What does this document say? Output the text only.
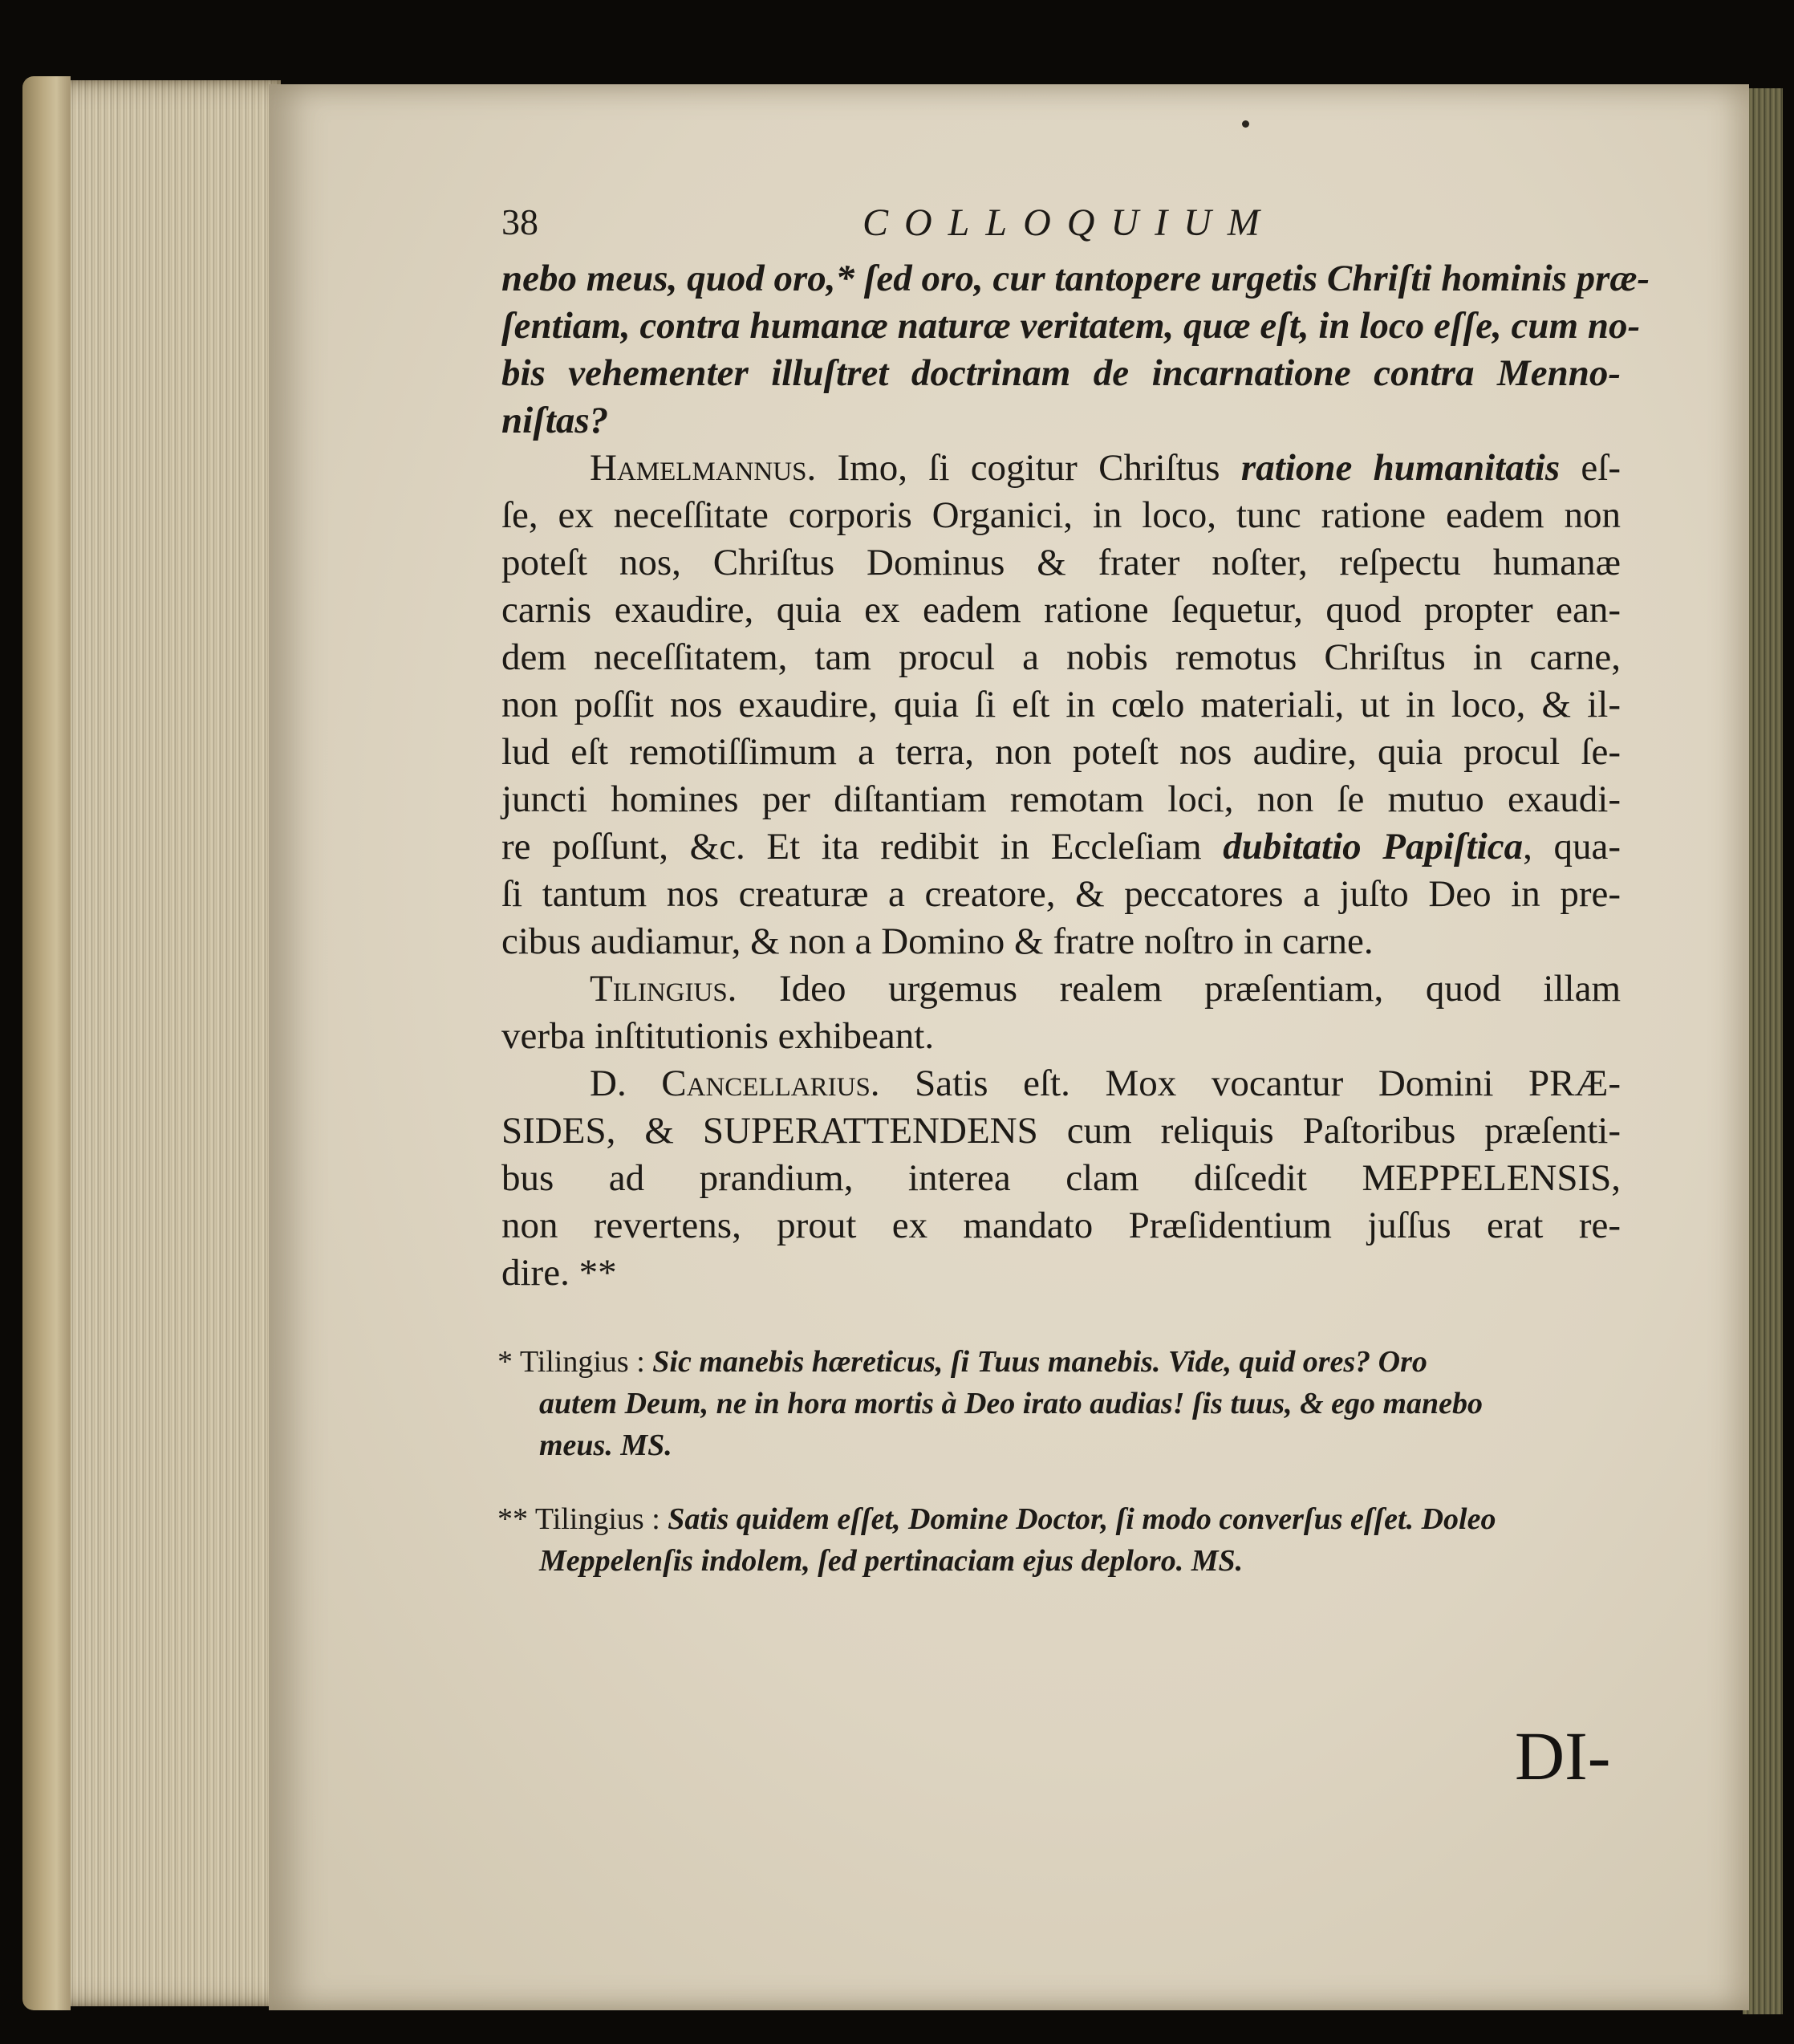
38	COLLOQUIUM
nebo meus, quod oro,* ſed oro, cur tantopere urgetis Chriſti hominis præ-
ſentiam, contra humanæ naturæ veritatem, quæ eſt, in loco eſſe, cum no-
bis vehementer illuſtret doctrinam de incarnatione contra Menno-
niſtas?
Hamelmannus. Imo, ſi cogitur Chriſtus ratione humanitatis eſ-
ſe, ex neceſſitate corporis Organici, in loco, tunc ratione eadem non
poteſt nos, Chriſtus Dominus & frater noſter, reſpectu humanæ
carnis exaudire, quia ex eadem ratione ſequetur, quod propter ean-
dem neceſſitatem, tam procul a nobis remotus Chriſtus in carne,
non poſſit nos exaudire, quia ſi eſt in cœlo materiali, ut in loco, & il-
lud eſt remotiſſimum a terra, non poteſt nos audire, quia procul ſe-
juncti homines per diſtantiam remotam loci, non ſe mutuo exaudi-
re poſſunt, &c. Et ita redibit in Eccleſiam dubitatio Papiſtica, qua-
ſi tantum nos creaturæ a creatore, & peccatores a juſto Deo in pre-
cibus audiamur, & non a Domino & fratre noſtro in carne.
Tilingius. Ideo urgemus realem præſentiam, quod illam
verba inſtitutionis exhibeant.
D. Cancellarius. Satis eſt. Mox vocantur Domini PRÆ-
SIDES, & SUPERATTENDENS cum reliquis Paſtoribus præſenti-
bus ad prandium, interea clam diſcedit MEPPELENSIS,
non revertens, prout ex mandato Præſidentium juſſus erat re-
dire. **
* Tilingius : Sic manebis hæreticus, ſi Tuus manebis. Vide, quid ores? Oro
autem Deum, ne in hora mortis à Deo irato audias! ſis tuus, & ego manebo
meus. MS.
** Tilingius : Satis quidem eſſet, Domine Doctor, ſi modo converſus eſſet. Doleo
Meppelenſis indolem, ſed pertinaciam ejus deploro. MS.
DI-
